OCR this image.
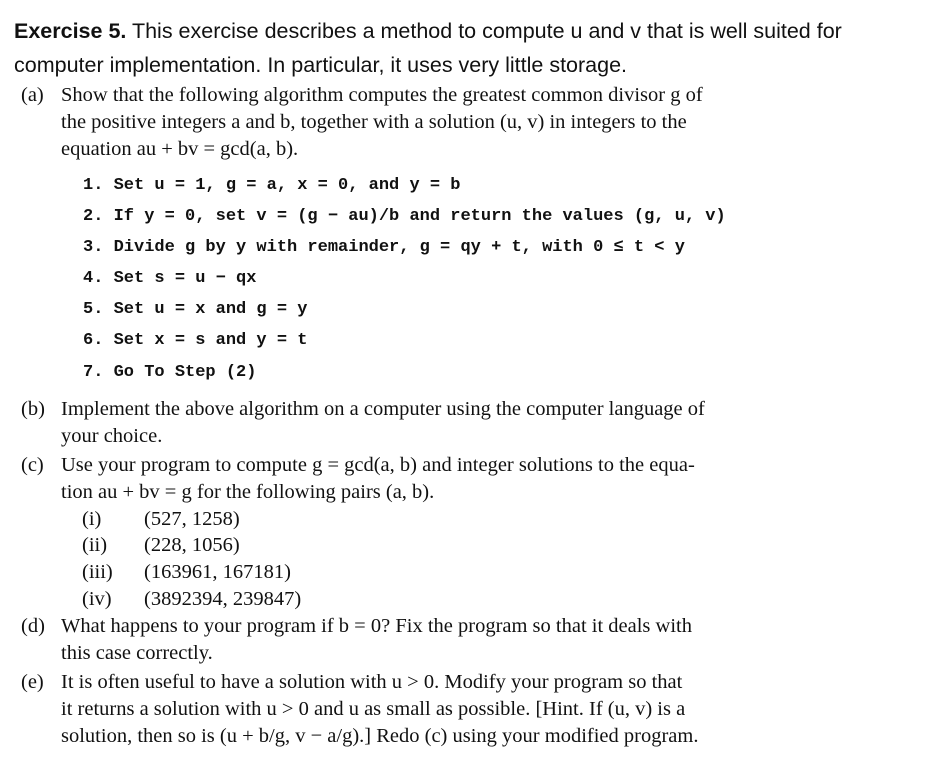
Exercise 5. This exercise describes a method to compute u and v that is well suited for
computer implementation. In particular, it uses very little storage.
(a) Show that the following algorithm computes the greatest common divisor g of
the positive integers a and b, together with a solution (u, v) in integers to the
equation au + bv = gcd(a, b).
1. Set u = 1, g = a, x = 0, and y = b
2. If y = 0, set v = (g − au)/b and return the values (g, u, v)
3. Divide g by y with remainder, g = qy + t, with 0 ≤ t < y
4. Set s = u − qx
5. Set u = x and g = y
6. Set x = s and y = t
7. Go To Step (2)
(b) Implement the above algorithm on a computer using the computer language of
your choice.
(c) Use your program to compute g = gcd(a, b) and integer solutions to the equa-
tion au + bv = g for the following pairs (a, b).
(i) (527, 1258)
(ii) (228, 1056)
(iii) (163961, 167181)
(iv) (3892394, 239847)
(d) What happens to your program if b = 0? Fix the program so that it deals with
this case correctly.
(e) It is often useful to have a solution with u > 0. Modify your program so that
it returns a solution with u > 0 and u as small as possible. [Hint. If (u, v) is a
solution, then so is (u + b/g, v − a/g).] Redo (c) using your modified program.
